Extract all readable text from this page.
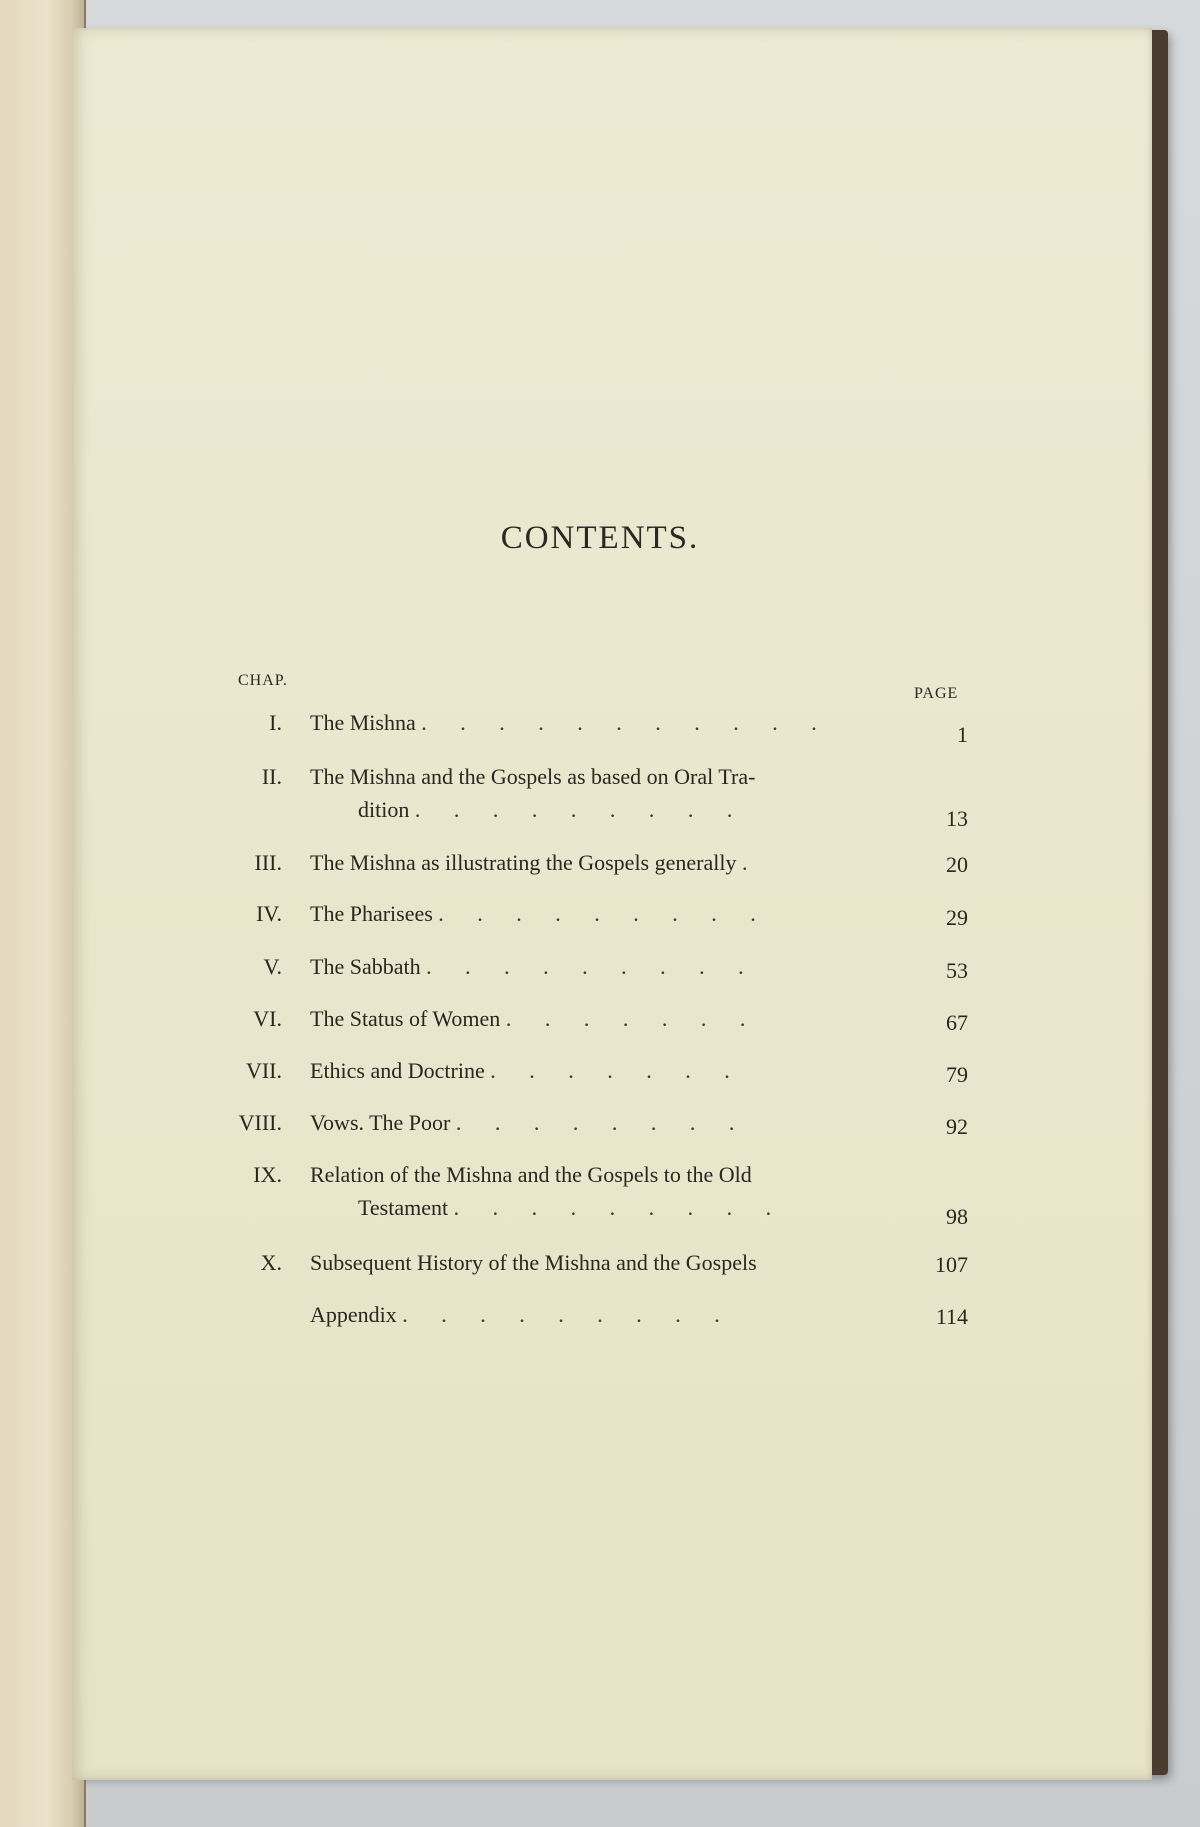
CONTENTS.
CHAP.
PAGE
I. The Mishna . . . . . . . . . . .	1
II. The Mishna and the Gospels as based on Oral Tra-
dition . . . . . . . . .	13
III. The Mishna as illustrating the Gospels generally .	20
IV. The Pharisees . . . . . . . . .	29
V. The Sabbath . . . . . . . . .	53
VI. The Status of Women . . . . . . .	67
VII. Ethics and Doctrine . . . . . . .	79
VIII. Vows. The Poor . . . . . . . .	92
IX. Relation of the Mishna and the Gospels to the Old
Testament . . . . . . . . .	98
X. Subsequent History of the Mishna and the Gospels	107
Appendix . . . . . . . . .	114
